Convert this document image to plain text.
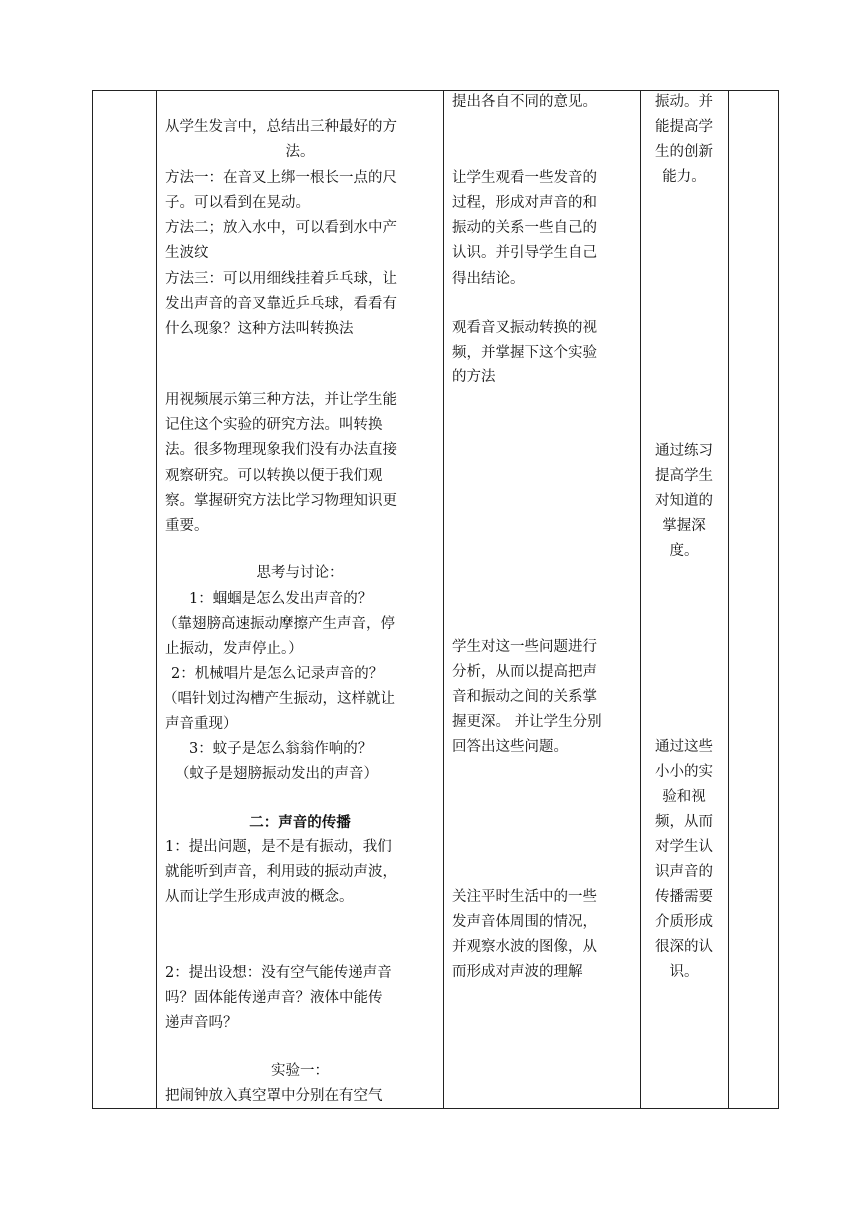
从学生发言中，总结出三种最好的方
法。
方法一：在音叉上绑一根长一点的尺
子。可以看到在晃动。
方法二；放入水中，可以看到水中产
生波纹
方法三：可以用细线挂着乒乓球，让
发出声音的音叉靠近乒乓球，看看有
什么现象？这种方法叫转换法
用视频展示第三种方法，并让学生能
记住这个实验的研究方法。叫转换
法。很多物理现象我们没有办法直接
观察研究。可以转换以便于我们观
察。掌握研究方法比学习物理知识更
重要。
思考与讨论：
1：蝈蝈是怎么发出声音的？
（靠翅膀高速振动摩擦产生声音，停
止振动，发声停止。）
2：机械唱片是怎么记录声音的？
（唱针划过沟槽产生振动，这样就让
声音重现）
3：蚊子是怎么翁翁作响的？
（蚊子是翅膀振动发出的声音）
二：声音的传播
1：提出问题，是不是有振动，我们
就能听到声音，利用豉的振动声波，
从而让学生形成声波的概念。
2：提出设想：没有空气能传递声音
吗？固体能传递声音？液体中能传
递声音吗？
实验一：
把闹钟放入真空罩中分别在有空气
提出各自不同的意见。
让学生观看一些发音的
过程，形成对声音的和
振动的关系一些自己的
认识。并引导学生自己
得出结论。
观看音叉振动转换的视
频，并掌握下这个实验
的方法
学生对这一些问题进行
分析，从而以提高把声
音和振动之间的关系掌
握更深。 并让学生分别
回答出这些问题。
关注平时生活中的一些
发声音体周围的情况，
并观察水波的图像，从
而形成对声波的理解
振动。并
能提高学
生的创新
能力。
通过练习
提高学生
对知道的
掌握深
度。
通过这些
小小的实
验和视
频，从而
对学生认
识声音的
传播需要
介质形成
很深的认
识。
